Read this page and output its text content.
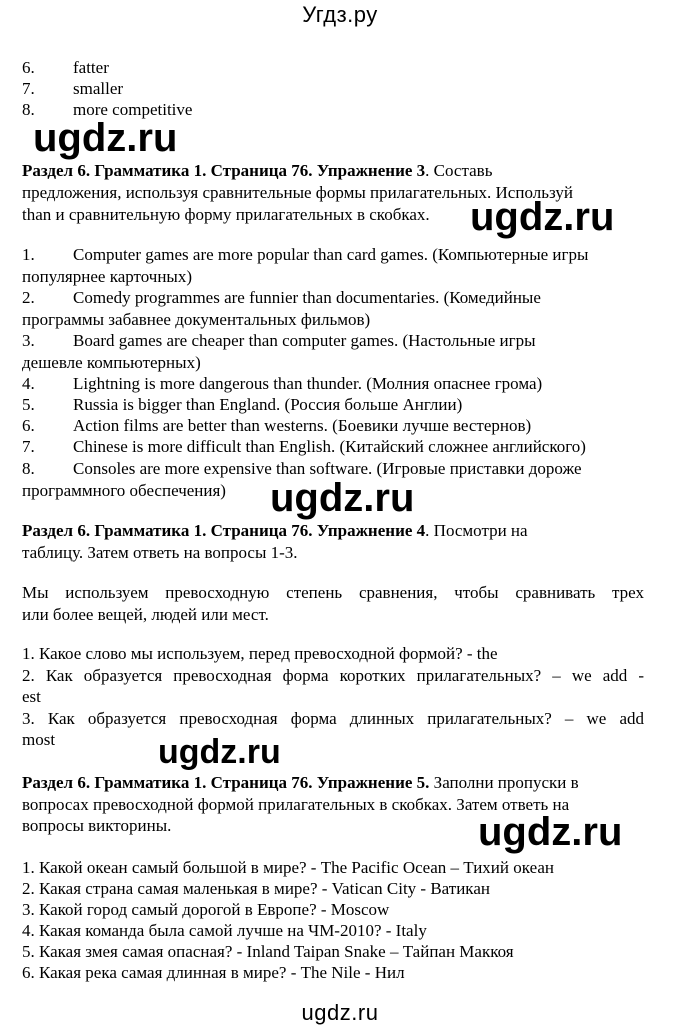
Угдз.ру
6. fatter
7. smaller
8. more competitive
ugdz.ru
Раздел 6. Грамматика 1. Страница 76. Упражнение 3. Составь
предложения, используя сравнительные формы прилагательных. Используй
than и сравнительную форму прилагательных в скобках.	ugdz.ru
1. Computer games are more popular than card games. (Компьютерные игры
популярнее карточных)
2. Comedy programmes are funnier than documentaries. (Комедийные
программы забавнее документальных фильмов)
3. Board games are cheaper than computer games. (Настольные игры
дешевле компьютерных)
4. Lightning is more dangerous than thunder. (Молния опаснее грома)
5. Russia is bigger than England. (Россия больше Англии)
6. Action films are better than westerns. (Боевики лучше вестернов)
7. Chinese is more difficult than English. (Китайский сложнее английского)
8. Consoles are more expensive than software. (Игровые приставки дороже
программного обеспечения)	ugdz.ru
Раздел 6. Грамматика 1. Страница 76. Упражнение 4. Посмотри на
таблицу. Затем ответь на вопросы 1-3.
Мы используем превосходную степень сравнения, чтобы сравнивать трех
или более вещей, людей или мест.
1. Какое слово мы используем, перед превосходной формой? - the
2. Как образуется превосходная форма коротких прилагательных? – we add -
est
3. Как образуется превосходная форма длинных прилагательных? – we add
most	ugdz.ru
Раздел 6. Грамматика 1. Страница 76. Упражнение 5. Заполни пропуски в
вопросах превосходной формой прилагательных в скобках. Затем ответь на
вопросы викторины.	ugdz.ru
1. Какой океан самый большой в мире? - The Pacific Ocean – Тихий океан
2. Какая страна самая маленькая в мире? - Vatican City - Ватикан
3. Какой город самый дорогой в Европе? - Moscow
4. Какая команда была самой лучше на ЧМ-2010? - Italy
5. Какая змея самая опасная? - Inland Taipan Snake – Тайпан Маккоя
6. Какая река самая длинная в мире? - The Nile - Нил
ugdz.ru
